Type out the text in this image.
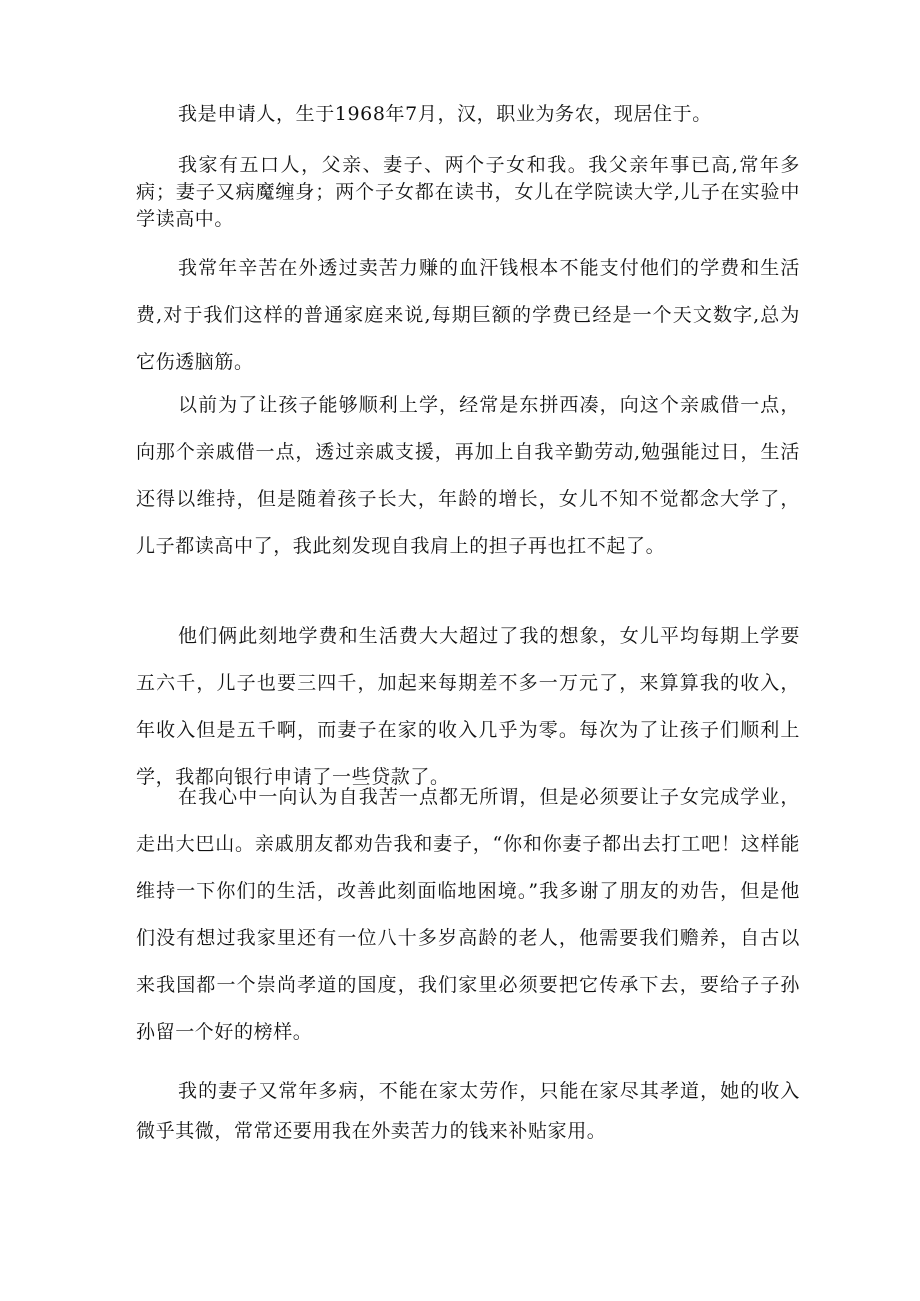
我是申请人，生于1968年7月，汉，职业为务农，现居住于。

我家有五口人，父亲、妻子、两个子女和我。我父亲年事已高,常年多病；妻子又病魔缠身；两个子女都在读书，女儿在学院读大学,儿子在实验中学读高中。

我常年辛苦在外透过卖苦力赚的血汗钱根本不能支付他们的学费和生活费,对于我们这样的普通家庭来说,每期巨额的学费已经是一个天文数字,总为它伤透脑筋。

以前为了让孩子能够顺利上学，经常是东拼西凑，向这个亲戚借一点，向那个亲戚借一点，透过亲戚支援，再加上自我辛勤劳动,勉强能过日，生活还得以维持，但是随着孩子长大，年龄的增长，女儿不知不觉都念大学了，儿子都读高中了，我此刻发现自我肩上的担子再也扛不起了。

他们俩此刻地学费和生活费大大超过了我的想象，女儿平均每期上学要五六千，儿子也要三四千，加起来每期差不多一万元了，来算算我的收入，年收入但是五千啊，而妻子在家的收入几乎为零。每次为了让孩子们顺利上学，我都向银行申请了一些贷款了。

在我心中一向认为自我苦一点都无所谓，但是必须要让子女完成学业，走出大巴山。亲戚朋友都劝告我和妻子，“你和你妻子都出去打工吧！这样能维持一下你们的生活，改善此刻面临地困境。”我多谢了朋友的劝告，但是他们没有想过我家里还有一位八十多岁高龄的老人，他需要我们赡养，自古以来我国都一个崇尚孝道的国度，我们家里必须要把它传承下去，要给子子孙孙留一个好的榜样。

我的妻子又常年多病，不能在家太劳作，只能在家尽其孝道，她的收入微乎其微，常常还要用我在外卖苦力的钱来补贴家用。
